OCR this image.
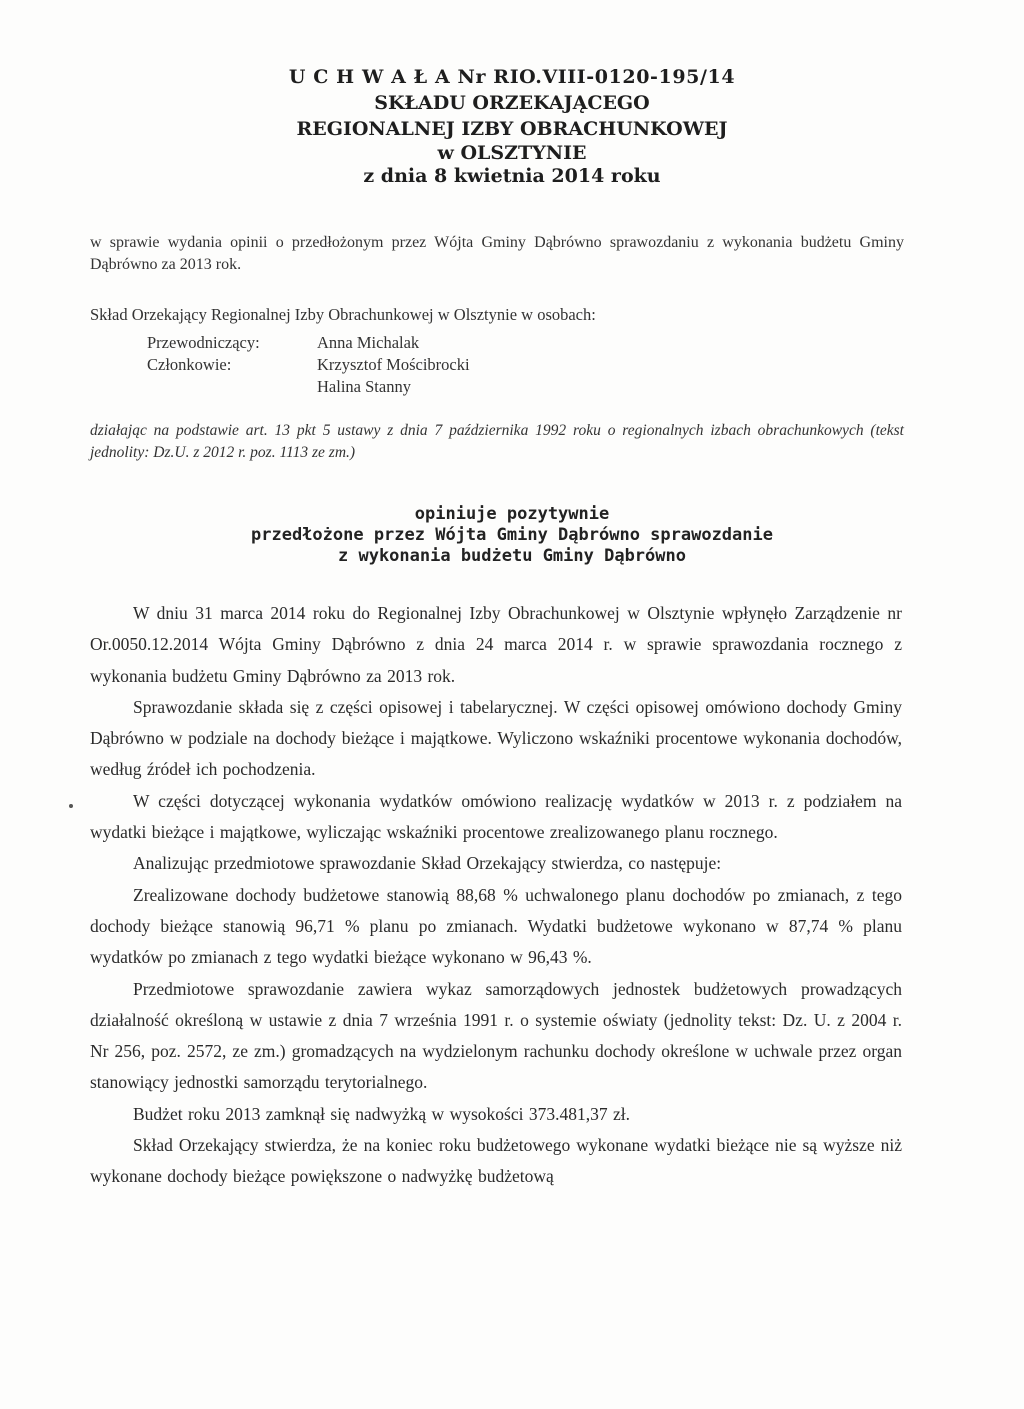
U C H W A Ł A Nr RIO.VIII-0120-195/14
SKŁADU ORZEKAJĄCEGO
REGIONALNEJ IZBY OBRACHUNKOWEJ
w OLSZTYNIE
z dnia 8 kwietnia 2014 roku

w sprawie wydania opinii o przedłożonym przez Wójta Gminy Dąbrówno sprawozdaniu z wykonania budżetu Gminy Dąbrówno za 2013 rok.

Skład Orzekający Regionalnej Izby Obrachunkowej w Olsztynie w osobach:

Przewodniczący:	Anna Michalak
Członkowie:	Krzysztof Mościbrocki
Halina Stanny

działając na podstawie art. 13 pkt 5 ustawy z dnia 7 października 1992 roku o regionalnych izbach obrachunkowych (tekst jednolity: Dz.U. z 2012 r. poz. 1113 ze zm.)

opiniuje pozytywnie
przedłożone przez Wójta Gminy Dąbrówno sprawozdanie
z wykonania budżetu Gminy Dąbrówno

W dniu 31 marca 2014 roku do Regionalnej Izby Obrachunkowej w Olsztynie wpłynęło Zarządzenie nr Or.0050.12.2014 Wójta Gminy Dąbrówno z dnia 24 marca 2014 r. w sprawie sprawozdania rocznego z wykonania budżetu Gminy Dąbrówno za 2013 rok.

Sprawozdanie składa się z części opisowej i tabelarycznej. W części opisowej omówiono dochody Gminy Dąbrówno w podziale na dochody bieżące i majątkowe. Wyliczono wskaźniki procentowe wykonania dochodów, według źródeł ich pochodzenia.

W części dotyczącej wykonania wydatków omówiono realizację wydatków w 2013 r. z podziałem na wydatki bieżące i majątkowe, wyliczając wskaźniki procentowe zrealizowanego planu rocznego.

Analizując przedmiotowe sprawozdanie Skład Orzekający stwierdza, co następuje:

Zrealizowane dochody budżetowe stanowią 88,68 % uchwalonego planu dochodów po zmianach, z tego dochody bieżące stanowią 96,71 % planu po zmianach. Wydatki budżetowe wykonano w 87,74 % planu wydatków po zmianach z tego wydatki bieżące wykonano w 96,43 %.

Przedmiotowe sprawozdanie zawiera wykaz samorządowych jednostek budżetowych prowadzących działalność określoną w ustawie z dnia 7 września 1991 r. o systemie oświaty (jednolity tekst: Dz. U. z 2004 r. Nr 256, poz. 2572, ze zm.) gromadzących na wydzielonym rachunku dochody określone w uchwale przez organ stanowiący jednostki samorządu terytorialnego.

Budżet roku 2013 zamknął się nadwyżką w wysokości 373.481,37 zł.

Skład Orzekający stwierdza, że na koniec roku budżetowego wykonane wydatki bieżące nie są wyższe niż wykonane dochody bieżące powiększone o nadwyżkę budżetową
